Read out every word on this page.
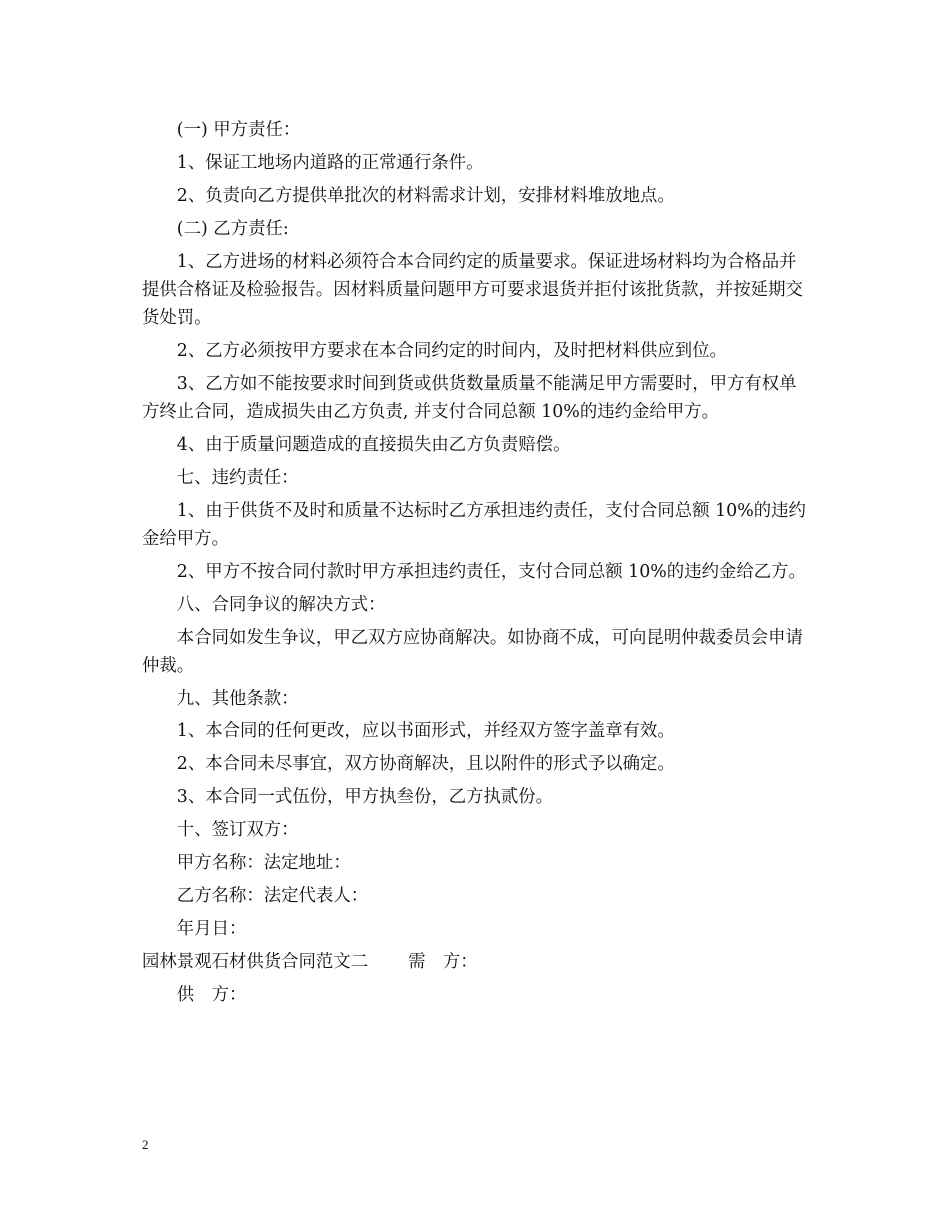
(一) 甲方责任：

1、保证工地场内道路的正常通行条件。

2、负责向乙方提供单批次的材料需求计划，安排材料堆放地点。

(二) 乙方责任:

1、乙方进场的材料必须符合本合同约定的质量要求。保证进场材料均为合格品并提供合格证及检验报告。因材料质量问题甲方可要求退货并拒付该批货款，并按延期交货处罚。

2、乙方必须按甲方要求在本合同约定的时间内，及时把材料供应到位。

3、乙方如不能按要求时间到货或供货数量质量不能满足甲方需要时，甲方有权单方终止合同，造成损失由乙方负责, 并支付合同总额 10%的违约金给甲方。

4、由于质量问题造成的直接损失由乙方负责赔偿。

七、违约责任：

1、由于供货不及时和质量不达标时乙方承担违约责任，支付合同总额 10%的违约金给甲方。

2、甲方不按合同付款时甲方承担违约责任，支付合同总额 10%的违约金给乙方。

八、合同争议的解决方式：

本合同如发生争议，甲乙双方应协商解决。如协商不成，可向昆明仲裁委员会申请仲裁。

九、其他条款：

1、本合同的任何更改，应以书面形式，并经双方签字盖章有效。

2、本合同未尽事宜，双方协商解决，且以附件的形式予以确定。

3、本合同一式伍份，甲方执叁份，乙方执贰份。

十、签订双方：

甲方名称：法定地址：

乙方名称：法定代表人：

年月日：

园林景观石材供货合同范文二 需　方：

供　方：

2
